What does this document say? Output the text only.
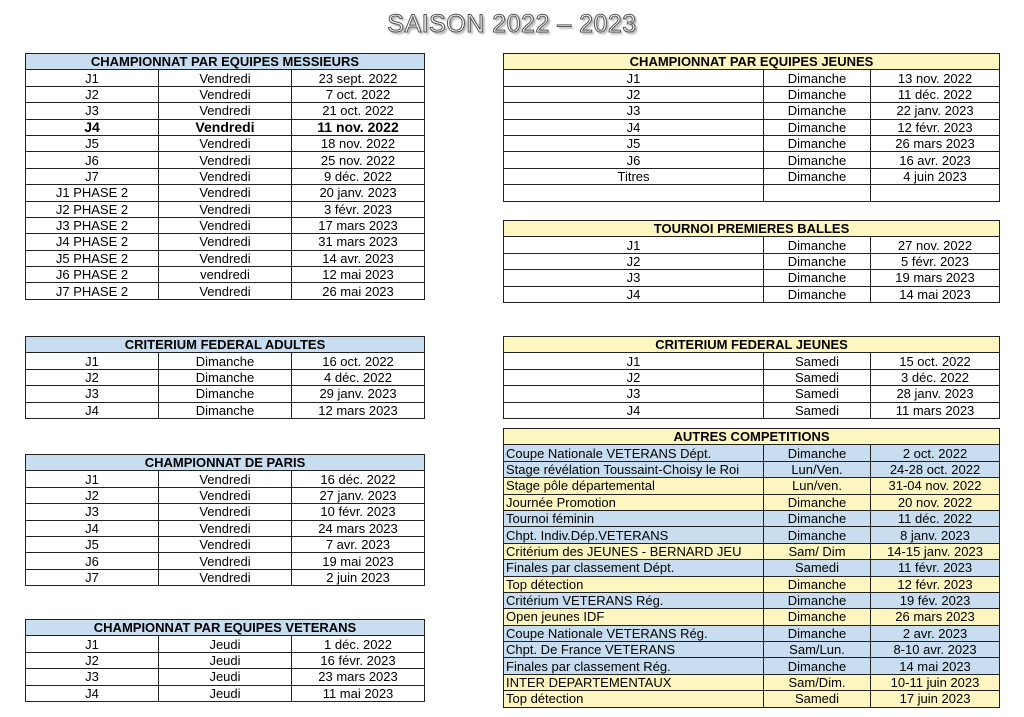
SAISON 2022 – 2023
CHAMPIONNAT PAR EQUIPES MESSIEURS		
J1	Vendredi	23 sept. 2022
J2	Vendredi	7 oct. 2022
J3	Vendredi	21 oct. 2022
J4	Vendredi	11 nov. 2022
J5	Vendredi	18 nov. 2022
J6	Vendredi	25 nov. 2022
J7	Vendredi	9 déc. 2022
J1 PHASE 2	Vendredi	20 janv. 2023
J2 PHASE 2	Vendredi	3 févr. 2023
J3 PHASE 2	Vendredi	17 mars 2023
J4 PHASE 2	Vendredi	31 mars 2023
J5 PHASE 2	Vendredi	14 avr. 2023
J6 PHASE 2	vendredi	12 mai 2023
J7 PHASE 2	Vendredi	26 mai 2023
CRITERIUM FEDERAL ADULTES		
J1	Dimanche	16 oct. 2022
J2	Dimanche	4 déc. 2022
J3	Dimanche	29 janv. 2023
J4	Dimanche	12 mars 2023
CHAMPIONNAT DE PARIS		
J1	Vendredi	16 déc. 2022
J2	Vendredi	27 janv. 2023
J3	Vendredi	10 févr. 2023
J4	Vendredi	24 mars 2023
J5	Vendredi	7 avr. 2023
J6	Vendredi	19 mai 2023
J7	Vendredi	2 juin 2023
CHAMPIONNAT PAR EQUIPES VETERANS		
J1	Jeudi	1 déc. 2022
J2	Jeudi	16 févr. 2023
J3	Jeudi	23 mars 2023
J4	Jeudi	11 mai 2023
CHAMPIONNAT PAR EQUIPES JEUNES		
J1	Dimanche	13 nov. 2022
J2	Dimanche	11 déc. 2022
J3	Dimanche	22 janv. 2023
J4	Dimanche	12 févr. 2023
J5	Dimanche	26 mars 2023
J6	Dimanche	16 avr. 2023
Titres	Dimanche	4 juin 2023

TOURNOI PREMIERES BALLES		
J1	Dimanche	27 nov. 2022
J2	Dimanche	5 févr. 2023
J3	Dimanche	19 mars 2023
J4	Dimanche	14 mai 2023
CRITERIUM FEDERAL JEUNES		
J1	Samedi	15 oct. 2022
J2	Samedi	3 déc. 2022
J3	Samedi	28 janv. 2023
J4	Samedi	11 mars 2023
AUTRES COMPETITIONS		
Coupe Nationale VETERANS Dépt.	Dimanche	2 oct. 2022
Stage révélation Toussaint-Choisy le Roi	Lun/Ven.	24-28 oct. 2022
Stage pôle départemental	Lun/ven.	31-04 nov. 2022
Journée Promotion	Dimanche	20 nov. 2022
Tournoi féminin	Dimanche	11 déc. 2022
Chpt. Indiv.Dép.VETERANS	Dimanche	8 janv. 2023
Critérium des JEUNES - BERNARD JEU	Sam/ Dim	14-15 janv. 2023
Finales par classement Dépt.	Samedi	11 févr. 2023
Top détection	Dimanche	12 févr. 2023
Critérium VETERANS Rég.	Dimanche	19 fév. 2023
Open jeunes IDF	Dimanche	26 mars 2023
Coupe Nationale VETERANS Rég.	Dimanche	2 avr. 2023
Chpt. De France VETERANS	Sam/Lun.	8-10 avr. 2023
Finales par classement Rég.	Dimanche	14 mai 2023
INTER DEPARTEMENTAUX	Sam/Dim.	10-11 juin 2023
Top détection	Samedi	17 juin 2023
